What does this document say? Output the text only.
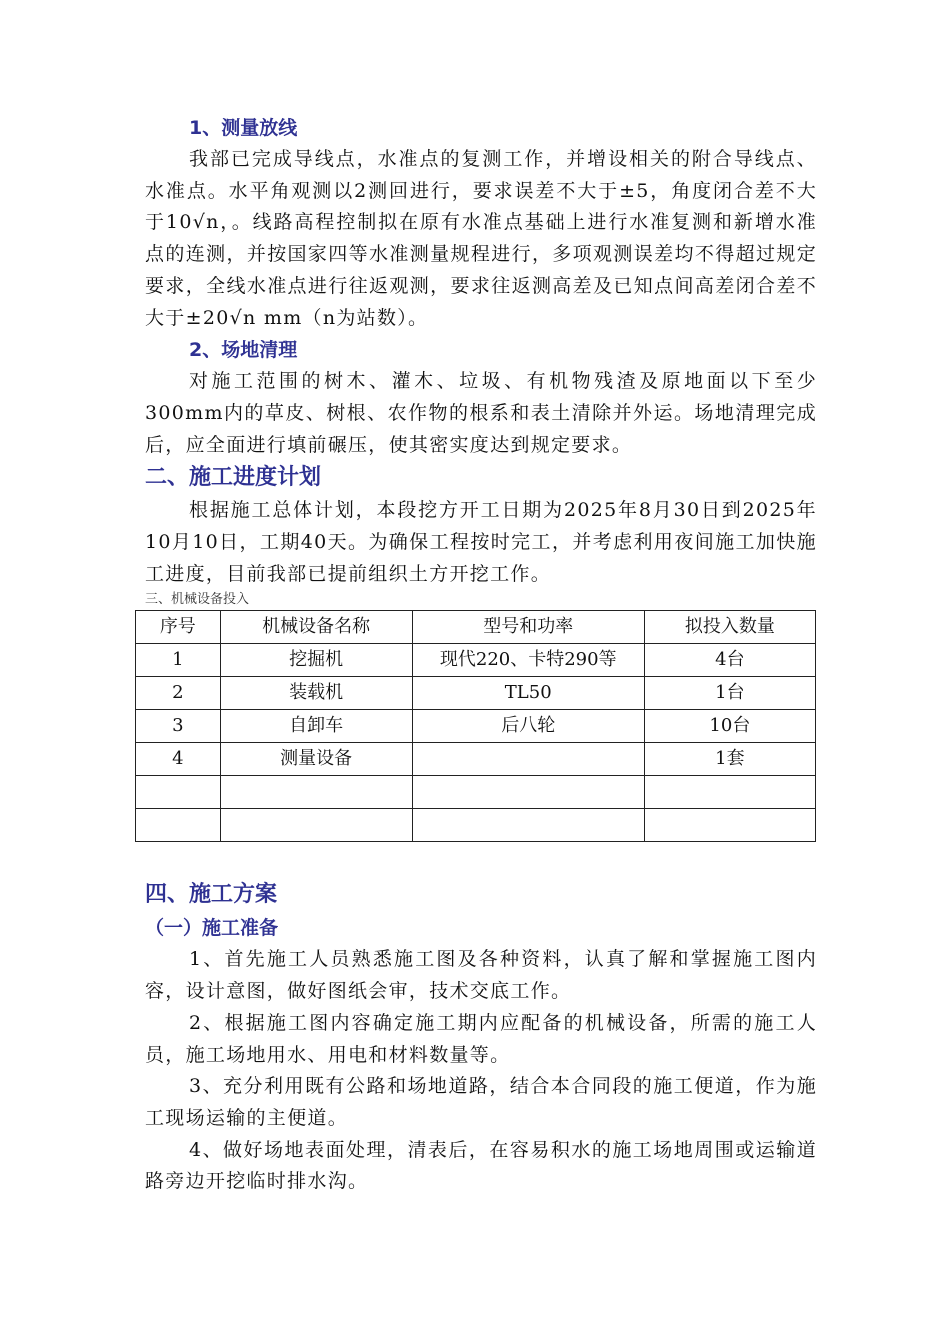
1、测量放线

我部已完成导线点，水准点的复测工作，并增设相关的附合导线点、水准点。水平角观测以2测回进行，要求误差不大于±5，角度闭合差不大于10√n，。线路高程控制拟在原有水准点基础上进行水准复测和新增水准点的连测，并按国家四等水准测量规程进行，多项观测误差均不得超过规定要求，全线水准点进行往返观测，要求往返测高差及已知点间高差闭合差不大于±20√n mm（n为站数）。

2、场地清理

对施工范围的树木、灌木、垃圾、有机物残渣及原地面以下至少300mm内的草皮、树根、农作物的根系和表土清除并外运。场地清理完成后，应全面进行填前碾压，使其密实度达到规定要求。

二、施工进度计划

根据施工总体计划，本段挖方开工日期为2025年8月30日到2025年10月10日，工期40天。为确保工程按时完工，并考虑利用夜间施工加快施工进度，目前我部已提前组织土方开挖工作。

三、机械设备投入

序号	机械设备名称	型号和功率	拟投入数量
1	挖掘机	现代220、卡特290等	4台
2	装载机	TL50	1台
3	自卸车	后八轮	10台
4	测量设备		1套

四、施工方案
（一）施工准备

1、首先施工人员熟悉施工图及各种资料，认真了解和掌握施工图内容，设计意图，做好图纸会审，技术交底工作。

2、根据施工图内容确定施工期内应配备的机械设备，所需的施工人员，施工场地用水、用电和材料数量等。

3、充分利用既有公路和场地道路，结合本合同段的施工便道，作为施工现场运输的主便道。

4、做好场地表面处理，清表后，在容易积水的施工场地周围或运输道路旁边开挖临时排水沟。
